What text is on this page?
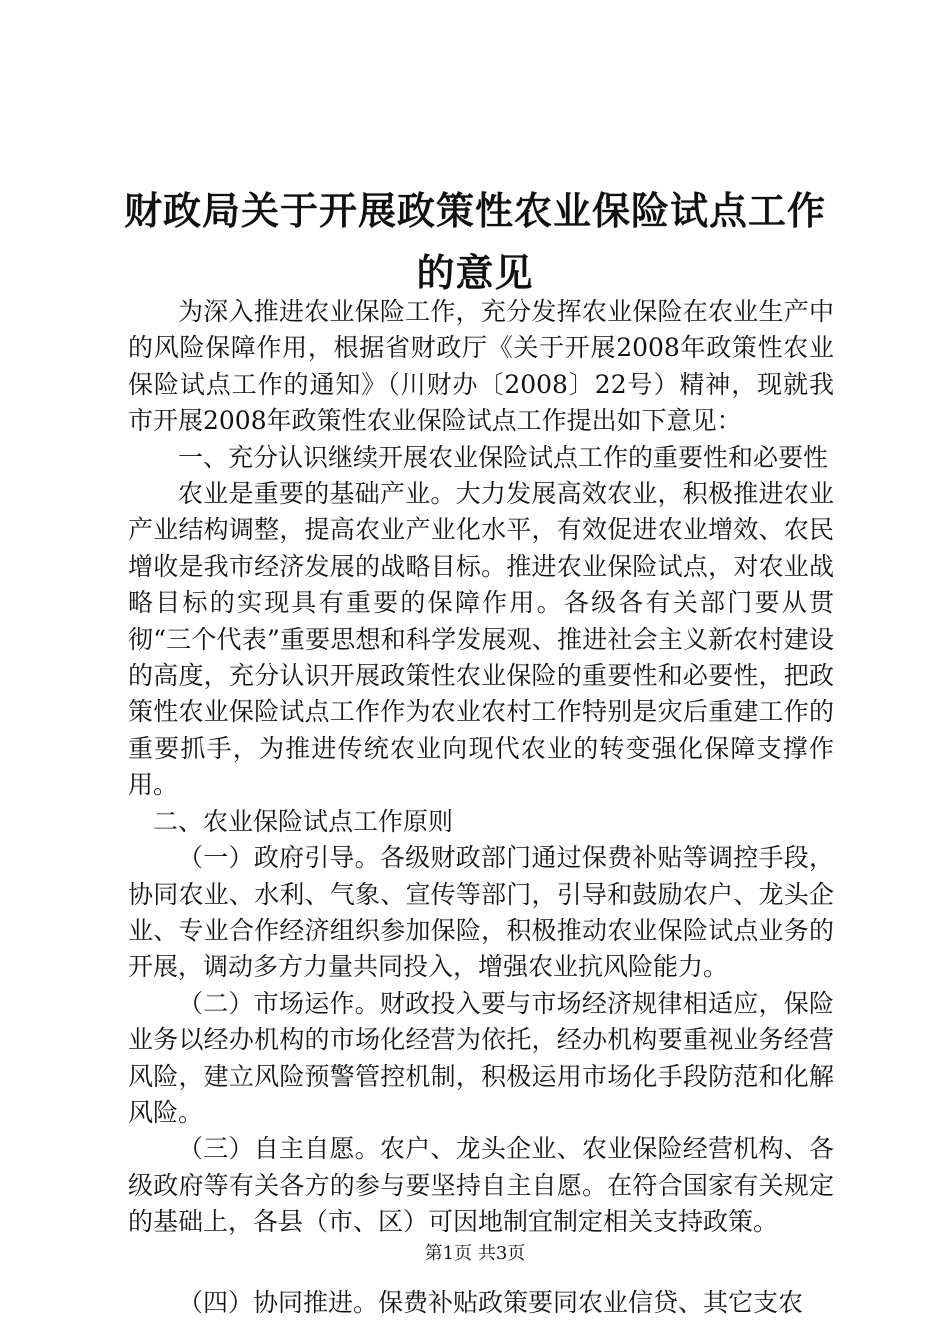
财政局关于开展政策性农业保险试点工作的意见

为深入推进农业保险工作，充分发挥农业保险在农业生产中的风险保障作用，根据省财政厅《关于开展2008年政策性农业保险试点工作的通知》（川财办〔2008〕22号）精神，现就我市开展2008年政策性农业保险试点工作提出如下意见：

一、充分认识继续开展农业保险试点工作的重要性和必要性

农业是重要的基础产业。大力发展高效农业，积极推进农业产业结构调整，提高农业产业化水平，有效促进农业增效、农民增收是我市经济发展的战略目标。推进农业保险试点，对农业战略目标的实现具有重要的保障作用。各级各有关部门要从贯彻“三个代表”重要思想和科学发展观、推进社会主义新农村建设的高度，充分认识开展政策性农业保险的重要性和必要性，把政策性农业保险试点工作作为农业农村工作特别是灾后重建工作的重要抓手，为推进传统农业向现代农业的转变强化保障支撑作用。

二、农业保险试点工作原则

（一）政府引导。各级财政部门通过保费补贴等调控手段，协同农业、水利、气象、宣传等部门，引导和鼓励农户、龙头企业、专业合作经济组织参加保险，积极推动农业保险试点业务的开展，调动多方力量共同投入，增强农业抗风险能力。

（二）市场运作。财政投入要与市场经济规律相适应，保险业务以经办机构的市场化经营为依托，经办机构要重视业务经营风险，建立风险预警管控机制，积极运用市场化手段防范和化解风险。

（三）自主自愿。农户、龙头企业、农业保险经营机构、各级政府等有关各方的参与要坚持自主自愿。在符合国家有关规定的基础上，各县（市、区）可因地制宜制定相关支持政策。

（四）协同推进。保费补贴政策要同农业信贷、其它支农

第1页 共3页
